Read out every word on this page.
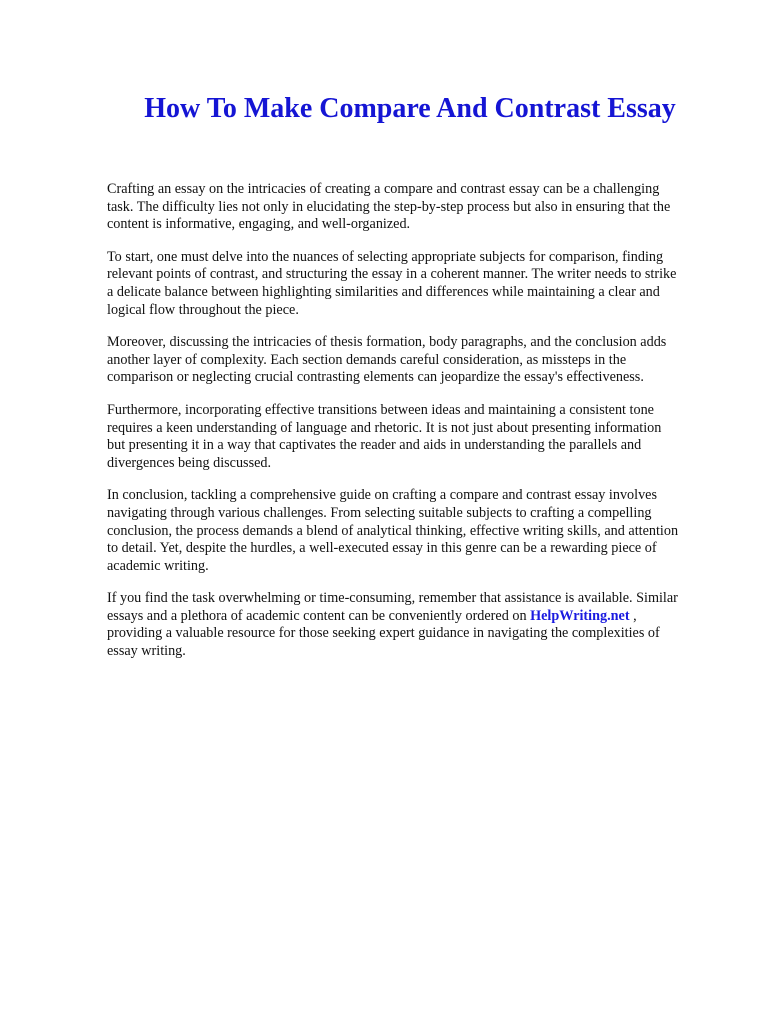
How To Make Compare And Contrast Essay

Crafting an essay on the intricacies of creating a compare and contrast essay can be a challenging
task. The difficulty lies not only in elucidating the step-by-step process but also in ensuring that the
content is informative, engaging, and well-organized.

To start, one must delve into the nuances of selecting appropriate subjects for comparison, finding
relevant points of contrast, and structuring the essay in a coherent manner. The writer needs to strike
a delicate balance between highlighting similarities and differences while maintaining a clear and
logical flow throughout the piece.

Moreover, discussing the intricacies of thesis formation, body paragraphs, and the conclusion adds
another layer of complexity. Each section demands careful consideration, as missteps in the
comparison or neglecting crucial contrasting elements can jeopardize the essay's effectiveness.

Furthermore, incorporating effective transitions between ideas and maintaining a consistent tone
requires a keen understanding of language and rhetoric. It is not just about presenting information
but presenting it in a way that captivates the reader and aids in understanding the parallels and
divergences being discussed.

In conclusion, tackling a comprehensive guide on crafting a compare and contrast essay involves
navigating through various challenges. From selecting suitable subjects to crafting a compelling
conclusion, the process demands a blend of analytical thinking, effective writing skills, and attention
to detail. Yet, despite the hurdles, a well-executed essay in this genre can be a rewarding piece of
academic writing.

If you find the task overwhelming or time-consuming, remember that assistance is available. Similar
essays and a plethora of academic content can be conveniently ordered on HelpWriting.net ,
providing a valuable resource for those seeking expert guidance in navigating the complexities of
essay writing.
